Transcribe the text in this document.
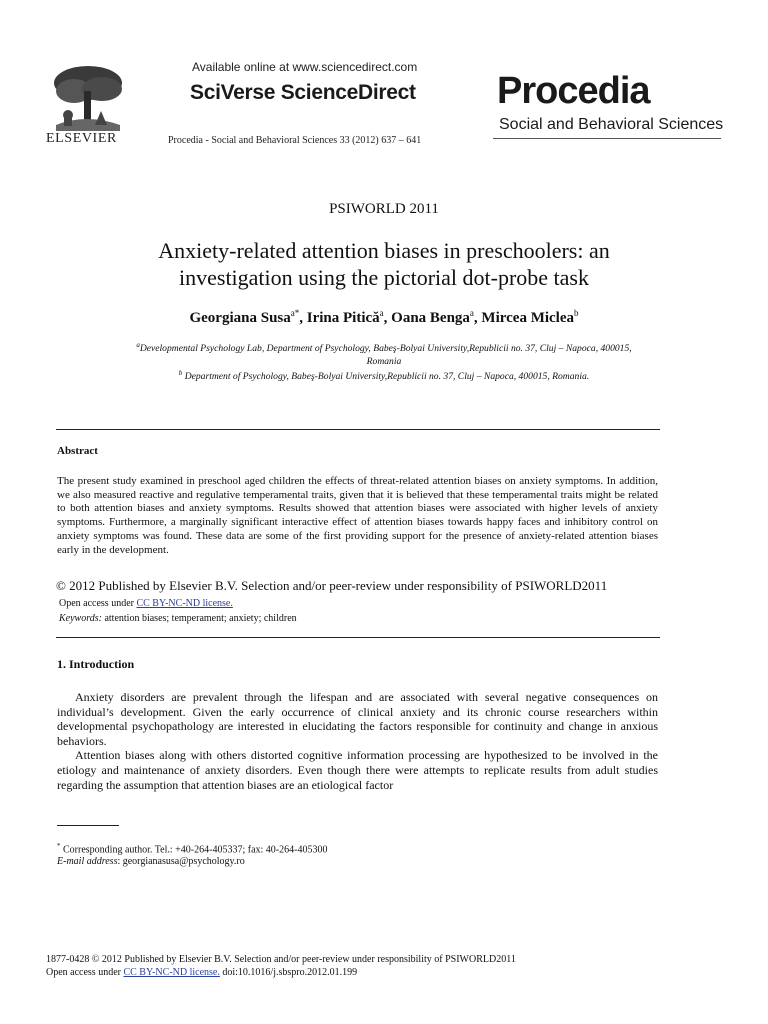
ELSEVIER
Available online at www.sciencedirect.com
SciVerse ScienceDirect
Procedia - Social and Behavioral Sciences 33 (2012) 637 – 641
Procedia
Social and Behavioral Sciences
PSIWORLD 2011
Anxiety-related attention biases in preschoolers: an
investigation using the pictorial dot-probe task
Georgiana Susa$^{a*}$, Irina Pitică$^a$, Oana Benga$^a$, Mircea Miclea$^b$
$^a$Developmental Psychology Lab, Department of Psychology, Babeş-Bolyai University,Republicii no. 37, Cluj – Napoca, 400015,
Romania
$^b$ Department of Psychology, Babeş-Bolyai University,Republicii no. 37, Cluj – Napoca, 400015, Romania.
Abstract
The present study examined in preschool aged children the effects of threat-related attention biases on anxiety symptoms. In addition, we also measured reactive and regulative temperamental traits, given that it is believed that these temperamental traits might be related to both attention biases and anxiety symptoms. Results showed that attention biases were associated with higher levels of anxiety symptoms. Furthermore, a marginally significant interactive effect of attention biases towards happy faces and inhibitory control on anxiety symptoms was found. These data are some of the first providing support for the presence of anxiety-related attention biases early in the development.
© 2012 Published by Elsevier B.V. Selection and/or peer-review under responsibility of PSIWORLD2011
Open access under CC BY-NC-ND license.
Keywords: attention biases; temperament; anxiety; children
1. Introduction

Anxiety disorders are prevalent through the lifespan and are associated with several negative consequences on individual’s development. Given the early occurrence of clinical anxiety and its chronic course researchers within developmental psychopathology are interested in elucidating the factors responsible for continuity and change in anxious behaviors.

Attention biases along with others distorted cognitive information processing are hypothesized to be involved in the etiology and maintenance of anxiety disorders. Even though there were attempts to replicate results from adult studies regarding the assumption that attention biases are an etiological factor

* Corresponding author. Tel.: +40-264-405337; fax: 40-264-405300
E-mail address: georgianasusa@psychology.ro
1877-0428 © 2012 Published by Elsevier B.V. Selection and/or peer-review under responsibility of PSIWORLD2011
Open access under CC BY-NC-ND license. doi:10.1016/j.sbspro.2012.01.199
